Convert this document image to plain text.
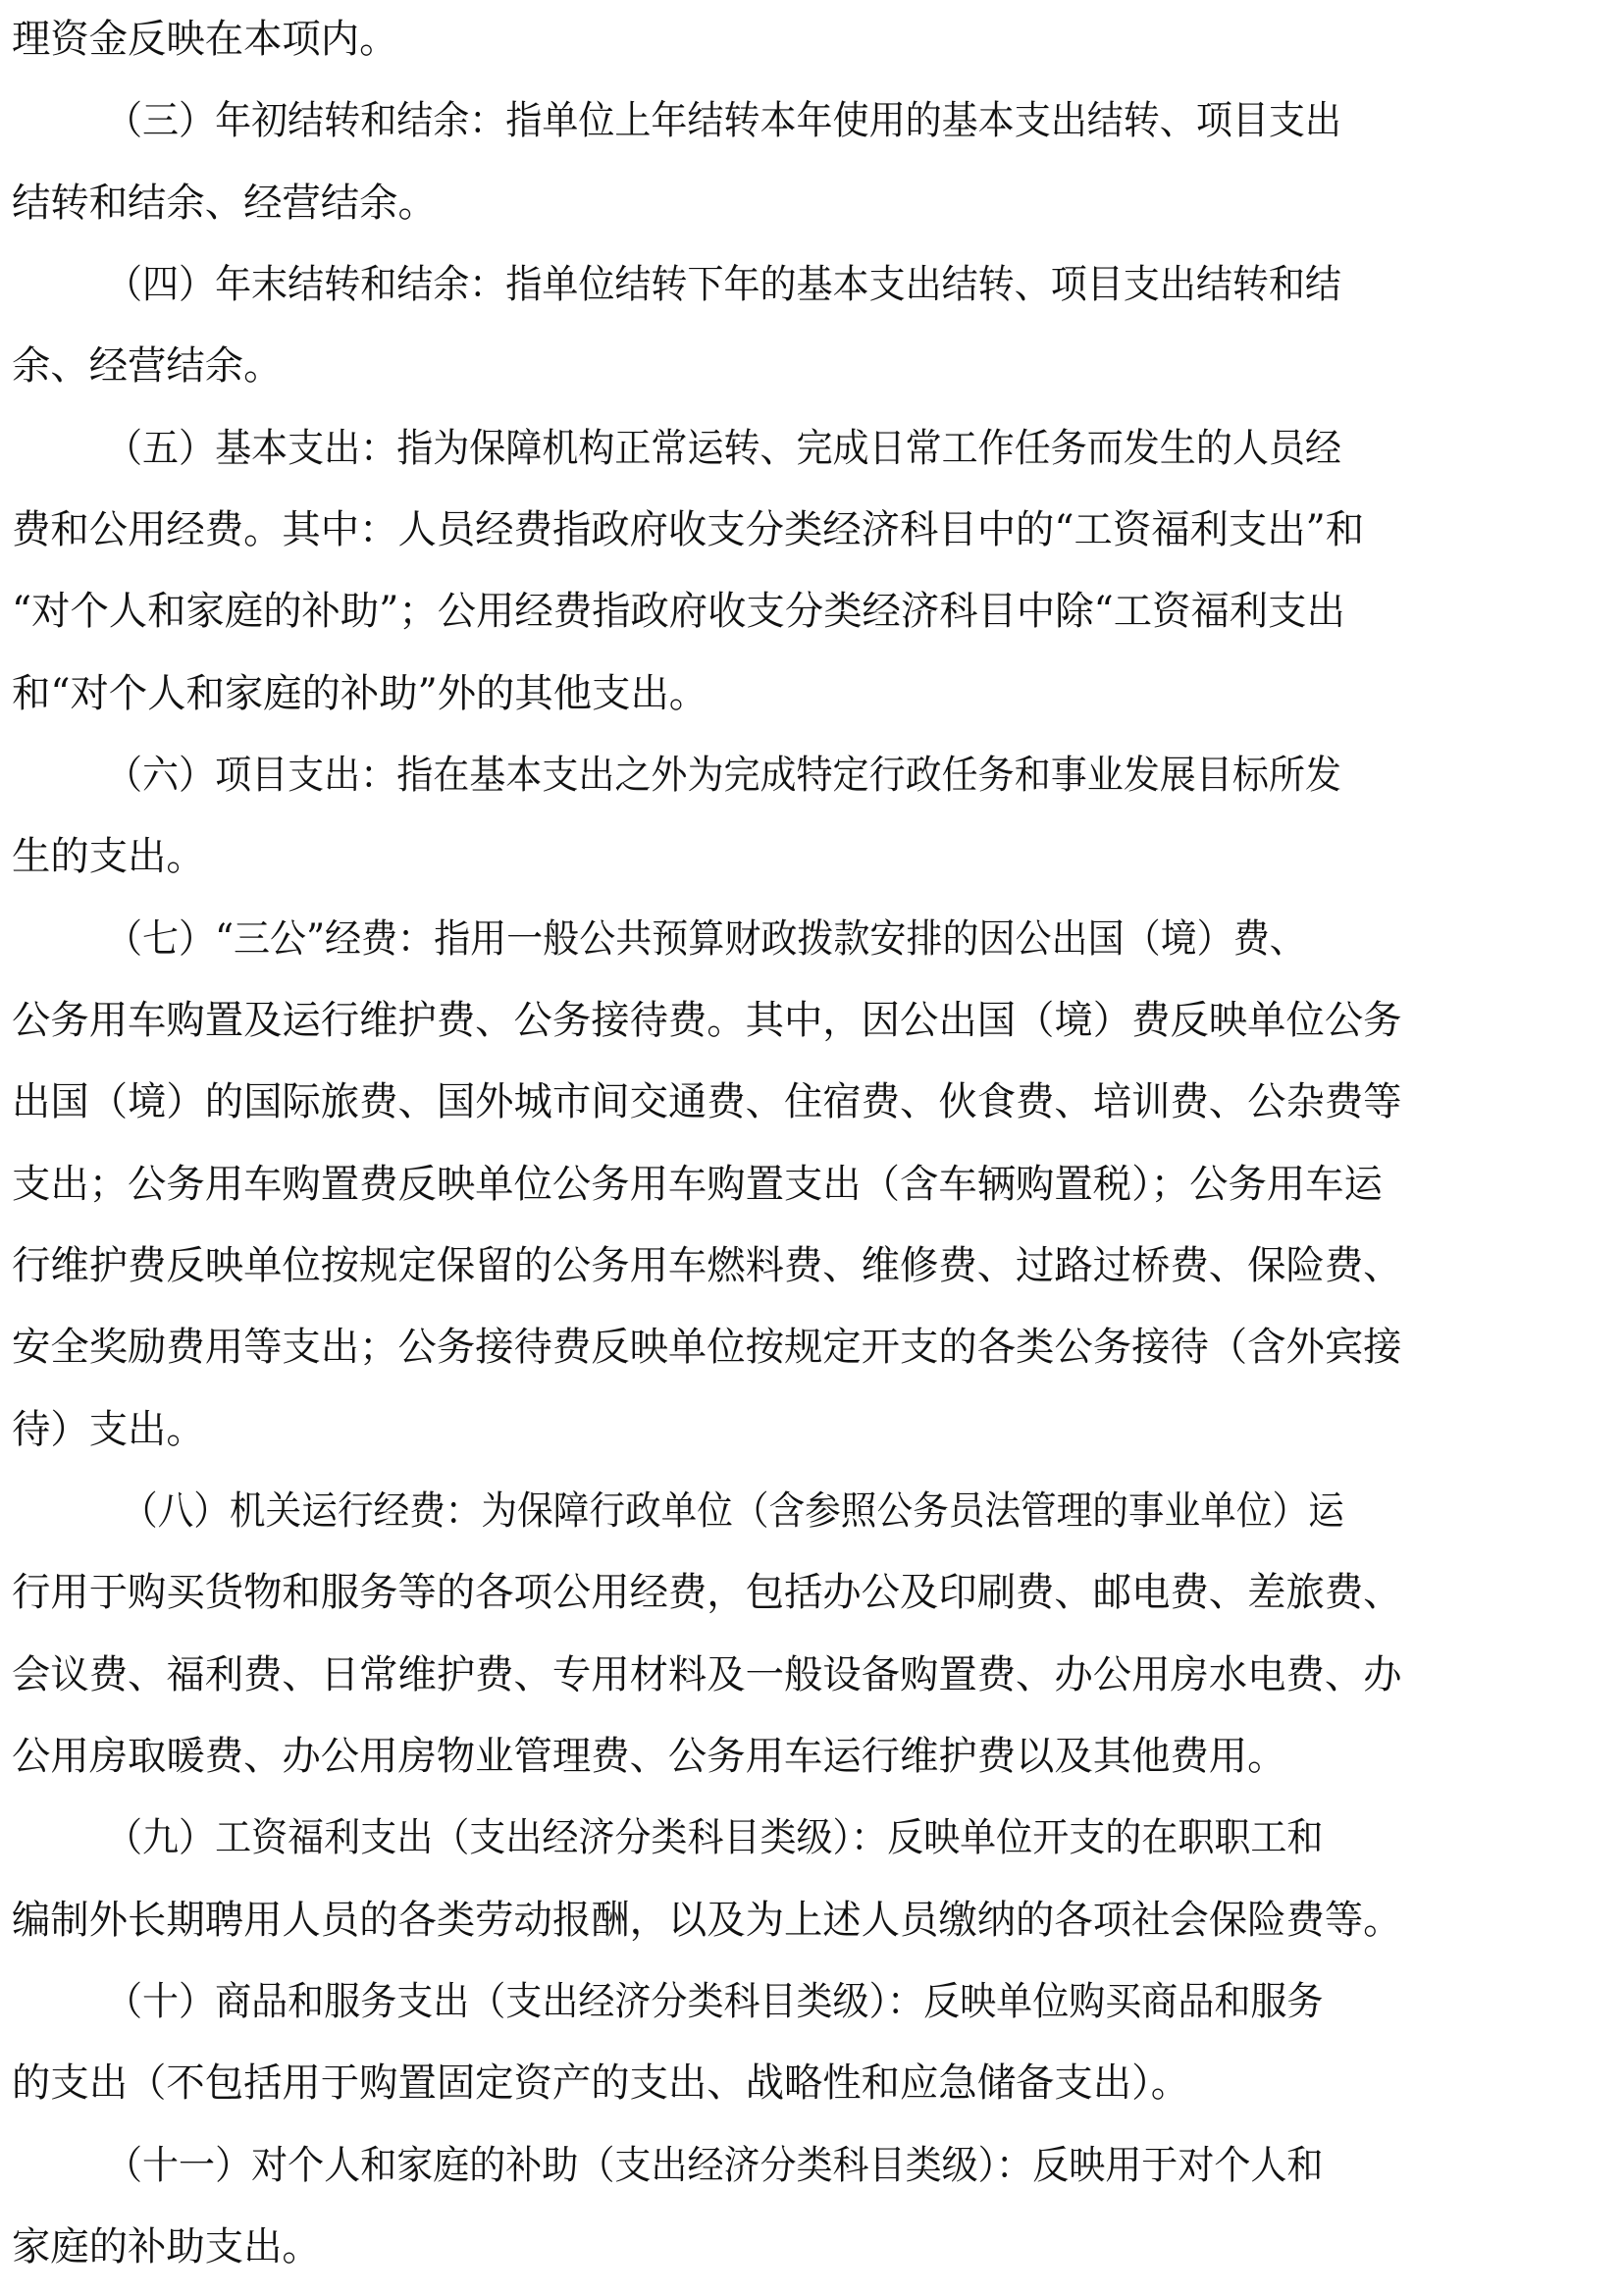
理资金反映在本项内。
（三）年初结转和结余：指单位上年结转本年使用的基本支出结转、项目支出
结转和结余、经营结余。
（四）年末结转和结余：指单位结转下年的基本支出结转、项目支出结转和结
余、经营结余。
（五）基本支出：指为保障机构正常运转、完成日常工作任务而发生的人员经
费和公用经费。其中：人员经费指政府收支分类经济科目中的“工资福利支出”和
“对个人和家庭的补助”；公用经费指政府收支分类经济科目中除“工资福利支出
和“对个人和家庭的补助”外的其他支出。
（六）项目支出：指在基本支出之外为完成特定行政任务和事业发展目标所发
生的支出。
（七）“三公”经费：指用一般公共预算财政拨款安排的因公出国（境）费、
公务用车购置及运行维护费、公务接待费。其中，因公出国（境）费反映单位公务
出国（境）的国际旅费、国外城市间交通费、住宿费、伙食费、培训费、公杂费等
支出；公务用车购置费反映单位公务用车购置支出（含车辆购置税）；公务用车运
行维护费反映单位按规定保留的公务用车燃料费、维修费、过路过桥费、保险费、
安全奖励费用等支出；公务接待费反映单位按规定开支的各类公务接待（含外宾接
待）支出。
（八）机关运行经费：为保障行政单位（含参照公务员法管理的事业单位）运
行用于购买货物和服务等的各项公用经费，包括办公及印刷费、邮电费、差旅费、
会议费、福利费、日常维护费、专用材料及一般设备购置费、办公用房水电费、办
公用房取暖费、办公用房物业管理费、公务用车运行维护费以及其他费用。
（九）工资福利支出（支出经济分类科目类级）：反映单位开支的在职职工和
编制外长期聘用人员的各类劳动报酬，以及为上述人员缴纳的各项社会保险费等。
（十）商品和服务支出（支出经济分类科目类级）：反映单位购买商品和服务
的支出（不包括用于购置固定资产的支出、战略性和应急储备支出）。
（十一）对个人和家庭的补助（支出经济分类科目类级）：反映用于对个人和
家庭的补助支出。
